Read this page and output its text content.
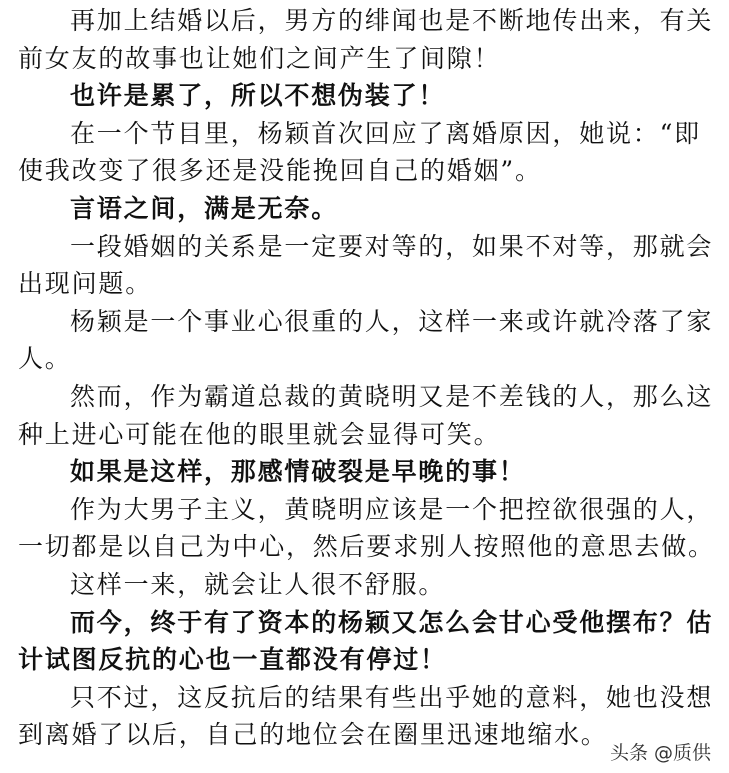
再加上结婚以后，男方的绯闻也是不断地传出来，有关
前女友的故事也让她们之间产生了间隙！
也许是累了，所以不想伪装了！
在一个节目里，杨颖首次回应了离婚原因，她说：“即
使我改变了很多还是没能挽回自己的婚姻”。
言语之间，满是无奈。
一段婚姻的关系是一定要对等的，如果不对等，那就会
出现问题。
杨颖是一个事业心很重的人，这样一来或许就冷落了家
人。
然而，作为霸道总裁的黄晓明又是不差钱的人，那么这
种上进心可能在他的眼里就会显得可笑。
如果是这样，那感情破裂是早晚的事！
作为大男子主义，黄晓明应该是一个把控欲很强的人，
一切都是以自己为中心，然后要求别人按照他的意思去做。
这样一来，就会让人很不舒服。
而今，终于有了资本的杨颖又怎么会甘心受他摆布？估
计试图反抗的心也一直都没有停过！
只不过，这反抗后的结果有些出乎她的意料，她也没想
到离婚了以后，自己的地位会在圈里迅速地缩水。
头条 @质供
